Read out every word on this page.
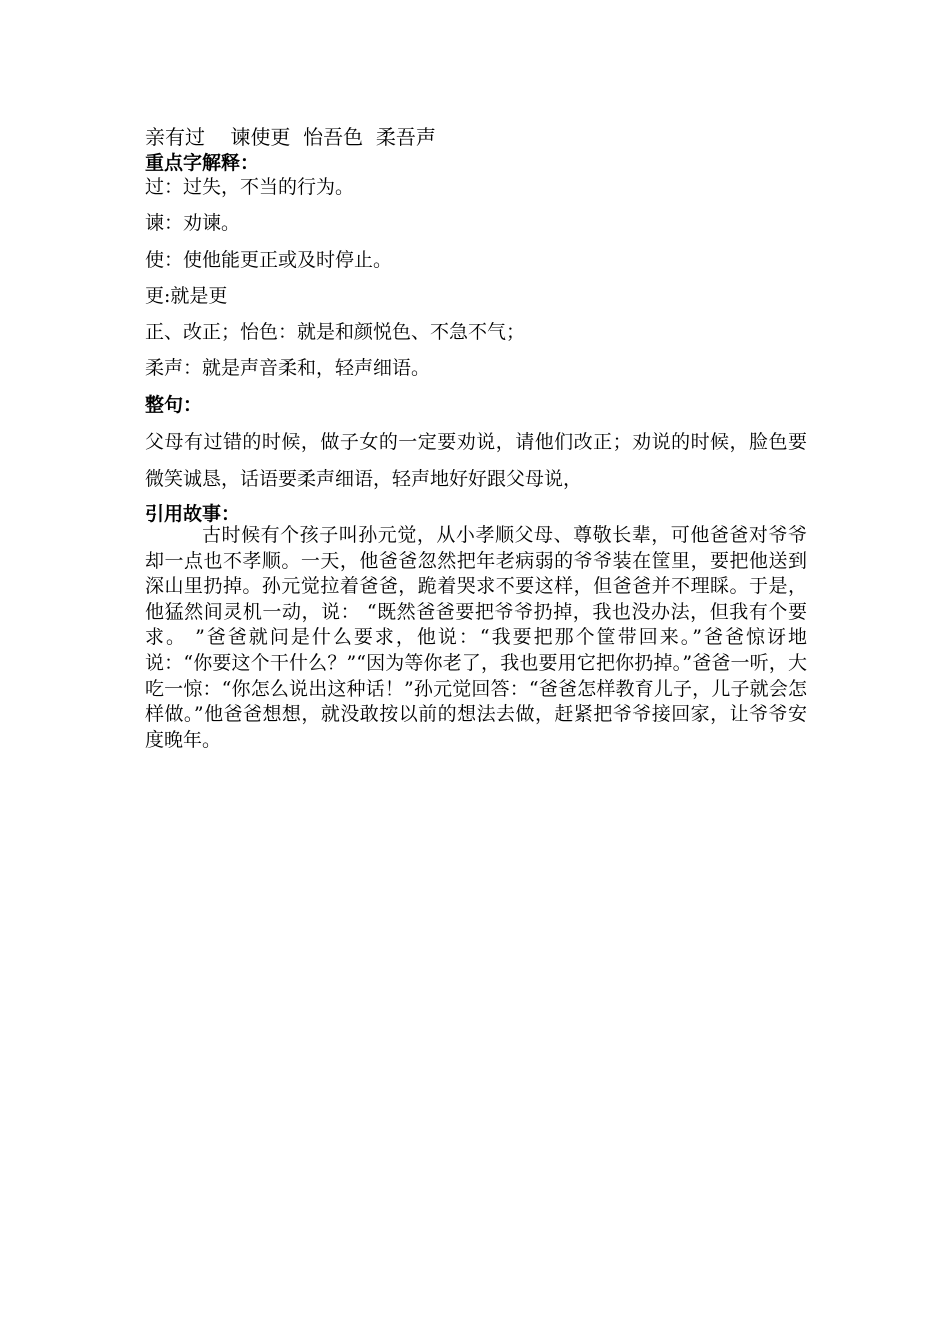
亲有过    谏使更  怡吾色  柔吾声

重点字解释：

过：过失，不当的行为。

谏：劝谏。

使：使他能更正或及时停止。

更:就是更

正、改正；怡色：就是和颜悦色、不急不气；

柔声：就是声音柔和，轻声细语。

整句：

父母有过错的时候，做子女的一定要劝说，请他们改正；劝说的时候，脸色要微笑诚恳，话语要柔声细语，轻声地好好跟父母说，

引用故事：

古时候有个孩子叫孙元觉，从小孝顺父母、尊敬长辈，可他爸爸对爷爷却一点也不孝顺。一天，他爸爸忽然把年老病弱的爷爷装在筐里，要把他送到深山里扔掉。孙元觉拉着爸爸，跪着哭求不要这样，但爸爸并不理睬。于是，他猛然间灵机一动，说： “既然爸爸要把爷爷扔掉，我也没办法，但我有个要求。 ”爸爸就问是什么要求，他说：“我要把那个筐带回来。”爸爸惊讶地说：“你要这个干什么？”“因为等你老了，我也要用它把你扔掉。”爸爸一听，大吃一惊：“你怎么说出这种话！”孙元觉回答：“爸爸怎样教育儿子，儿子就会怎样做。”他爸爸想想，就没敢按以前的想法去做，赶紧把爷爷接回家，让爷爷安度晚年。
